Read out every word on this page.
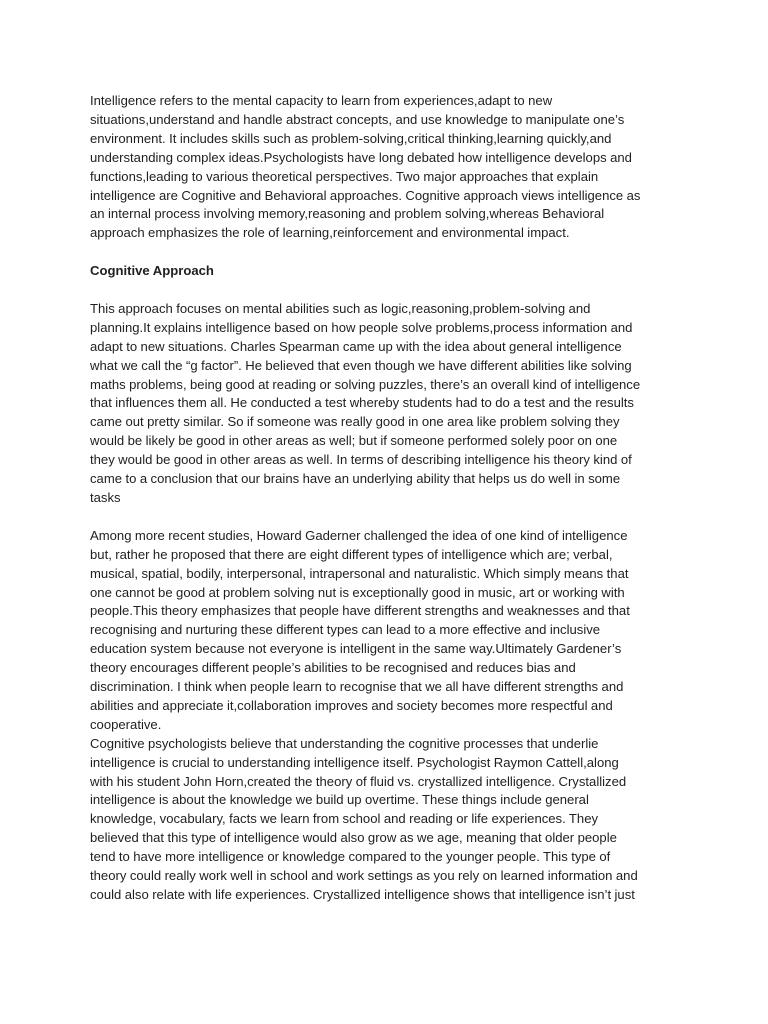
Intelligence refers to the mental capacity to learn from experiences,adapt to new
situations,understand and handle abstract concepts, and use knowledge to manipulate one’s
environment. It includes skills such as problem-solving,critical thinking,learning quickly,and
understanding complex ideas.Psychologists have long debated how intelligence develops and
functions,leading to various theoretical perspectives. Two major approaches that explain
intelligence are Cognitive and Behavioral approaches. Cognitive approach views intelligence as
an internal process involving memory,reasoning and problem solving,whereas Behavioral
approach emphasizes the role of learning,reinforcement and environmental impact.

Cognitive Approach

This approach focuses on mental abilities such as logic,reasoning,problem-solving and
planning.It explains intelligence based on how people solve problems,process information and
adapt to new situations. Charles Spearman came up with the idea about general intelligence
what we call the “g factor”. He believed that even though we have different abilities like solving
maths problems, being good at reading or solving puzzles, there’s an overall kind of intelligence
that influences them all. He conducted a test whereby students had to do a test and the results
came out pretty similar. So if someone was really good in one area like problem solving they
would be likely be good in other areas as well; but if someone performed solely poor on one
they would be good in other areas as well. In terms of describing intelligence his theory kind of
came to a conclusion that our brains have an underlying ability that helps us do well in some
tasks

Among more recent studies, Howard Gaderner challenged the idea of one kind of intelligence
but, rather he proposed that there are eight different types of intelligence which are; verbal,
musical, spatial, bodily, interpersonal, intrapersonal and naturalistic. Which simply means that
one cannot be good at problem solving nut is exceptionally good in music, art or working with
people.This theory emphasizes that people have different strengths and weaknesses and that
recognising and nurturing these different types can lead to a more effective and inclusive
education system because not everyone is intelligent in the same way.Ultimately Gardener’s
theory encourages different people’s abilities to be recognised and reduces bias and
discrimination. I think when people learn to recognise that we all have different strengths and
abilities and appreciate it,collaboration improves and society becomes more respectful and
cooperative.

Cognitive psychologists believe that understanding the cognitive processes that underlie
intelligence is crucial to understanding intelligence itself. Psychologist Raymon Cattell,along
with his student John Horn,created the theory of fluid vs. crystallized intelligence. Crystallized
intelligence is about the knowledge we build up overtime. These things include general
knowledge, vocabulary, facts we learn from school and reading or life experiences. They
believed that this type of intelligence would also grow as we age, meaning that older people
tend to have more intelligence or knowledge compared to the younger people. This type of
theory could really work well in school and work settings as you rely on learned information and
could also relate with life experiences. Crystallized intelligence shows that intelligence isn’t just
